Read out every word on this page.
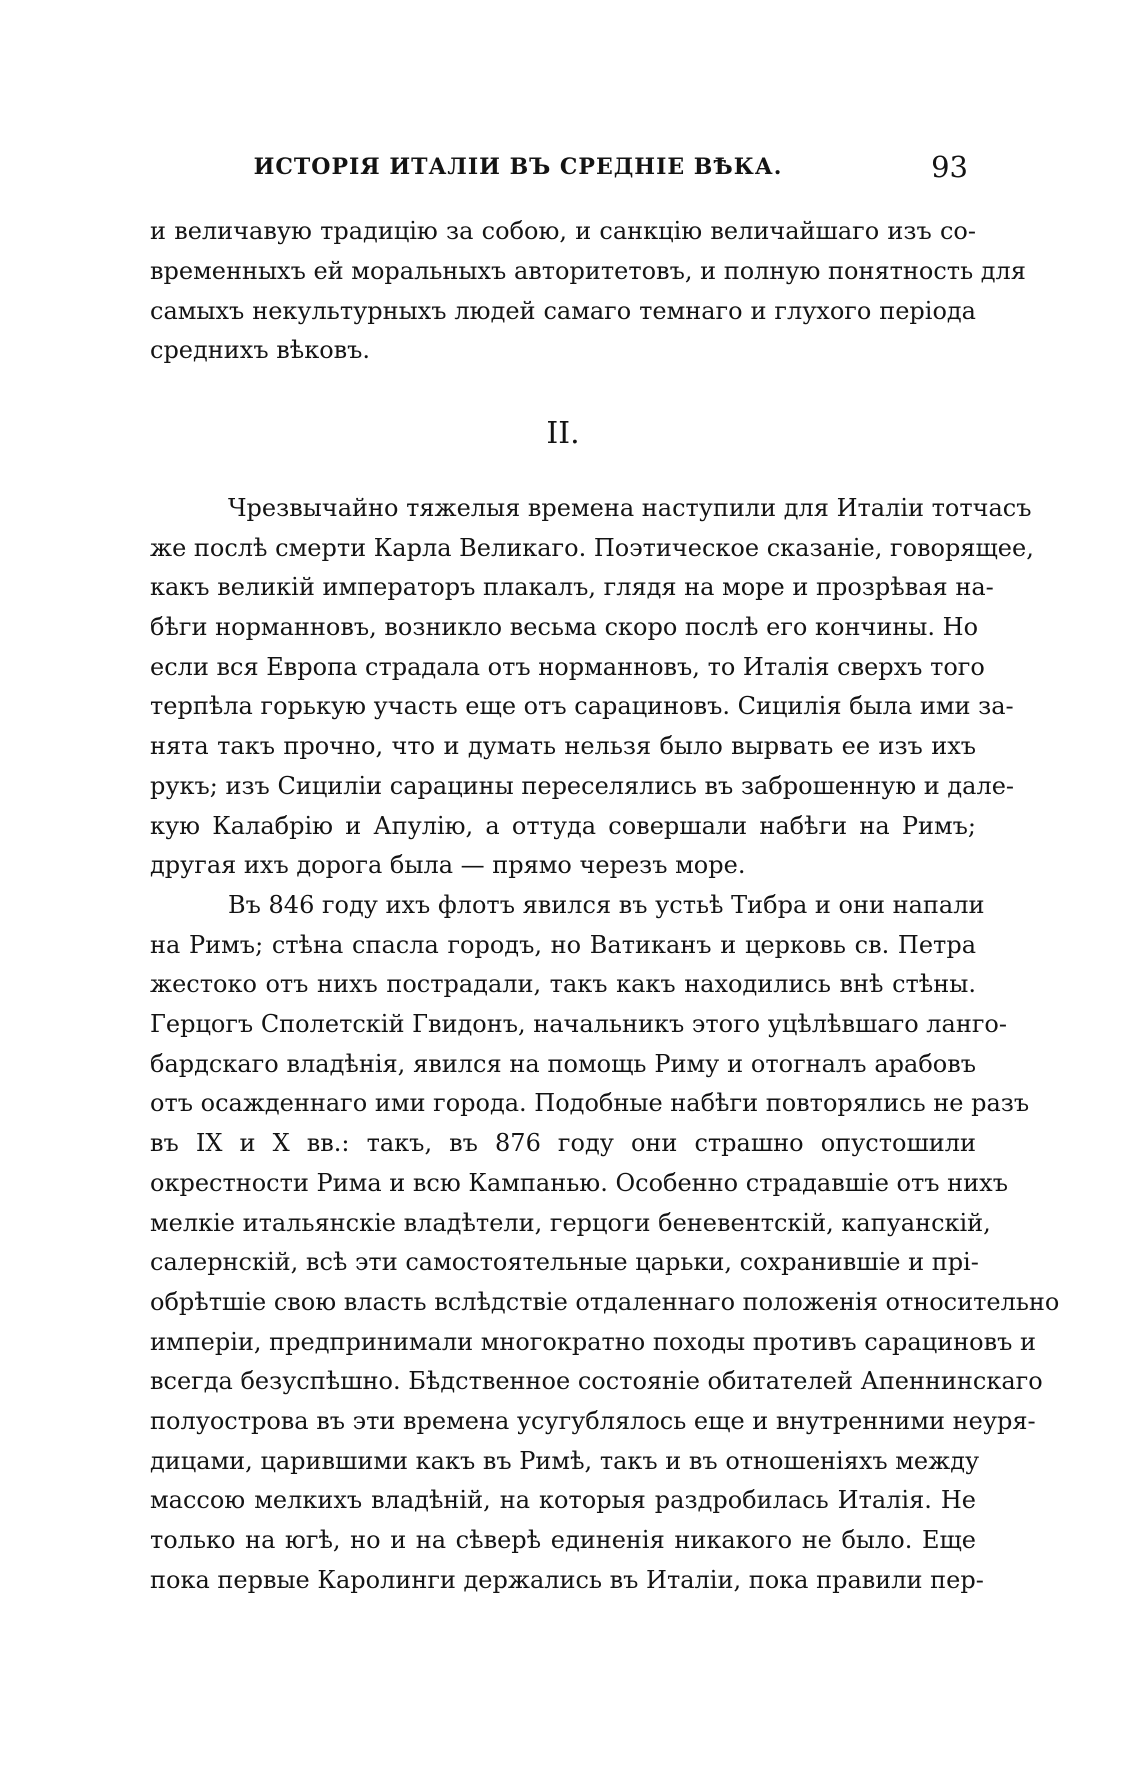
ИСТОРІЯ ИТАЛІИ ВЪ СРЕДНІЕ ВѢКА.	93
и величавую традицію за собою, и санкцію величайшаго изъ со-
временныхъ ей моральныхъ авторитетовъ, и полную понятность для
самыхъ некультурныхъ людей самаго темнаго и глухого періода
среднихъ вѣковъ.
II.
Чрезвычайно тяжелыя времена наступили для Италіи тотчасъ
же послѣ смерти Карла Великаго. Поэтическое сказаніе, говорящее,
какъ великій императоръ плакалъ, глядя на море и прозрѣвая на-
бѣги норманновъ, возникло весьма скоро послѣ его кончины. Но
если вся Европа страдала отъ норманновъ, то Италія сверхъ того
терпѣла горькую участь еще отъ сарациновъ. Сицилія была ими за-
нята такъ прочно, что и думать нельзя было вырвать ее изъ ихъ
рукъ; изъ Сициліи сарацины переселялись въ заброшенную и дале-
кую Калабрію и Апулію, а оттуда совершали набѣги на Римъ;
другая ихъ дорога была — прямо черезъ море.
Въ 846 году ихъ флотъ явился въ устьѣ Тибра и они напали
на Римъ; стѣна спасла городъ, но Ватиканъ и церковь св. Петра
жестоко отъ нихъ пострадали, такъ какъ находились внѣ стѣны.
Герцогъ Сполетскій Гвидонъ, начальникъ этого уцѣлѣвшаго ланго-
бардскаго владѣнія, явился на помощь Риму и отогналъ арабовъ
отъ осажденнаго ими города. Подобные набѣги повторялись не разъ
въ IX и X вв.: такъ, въ 876 году они страшно опустошили
окрестности Рима и всю Кампанью. Особенно страдавшіе отъ нихъ
мелкіе итальянскіе владѣтели, герцоги беневентскій, капуанскій,
салернскій, всѣ эти самостоятельные царьки, сохранившіе и прі-
обрѣтшіе свою власть вслѣдствіе отдаленнаго положенія относительно
имперіи, предпринимали многократно походы противъ сарациновъ и
всегда безуспѣшно. Бѣдственное состояніе обитателей Апеннинскаго
полуострова въ эти времена усугублялось еще и внутренними неуря-
дицами, царившими какъ въ Римѣ, такъ и въ отношеніяхъ между
массою мелкихъ владѣній, на которыя раздробилась Италія. Не
только на югѣ, но и на сѣверѣ единенія никакого не было. Еще
пока первые Каролинги держались въ Италіи, пока правили пер-
